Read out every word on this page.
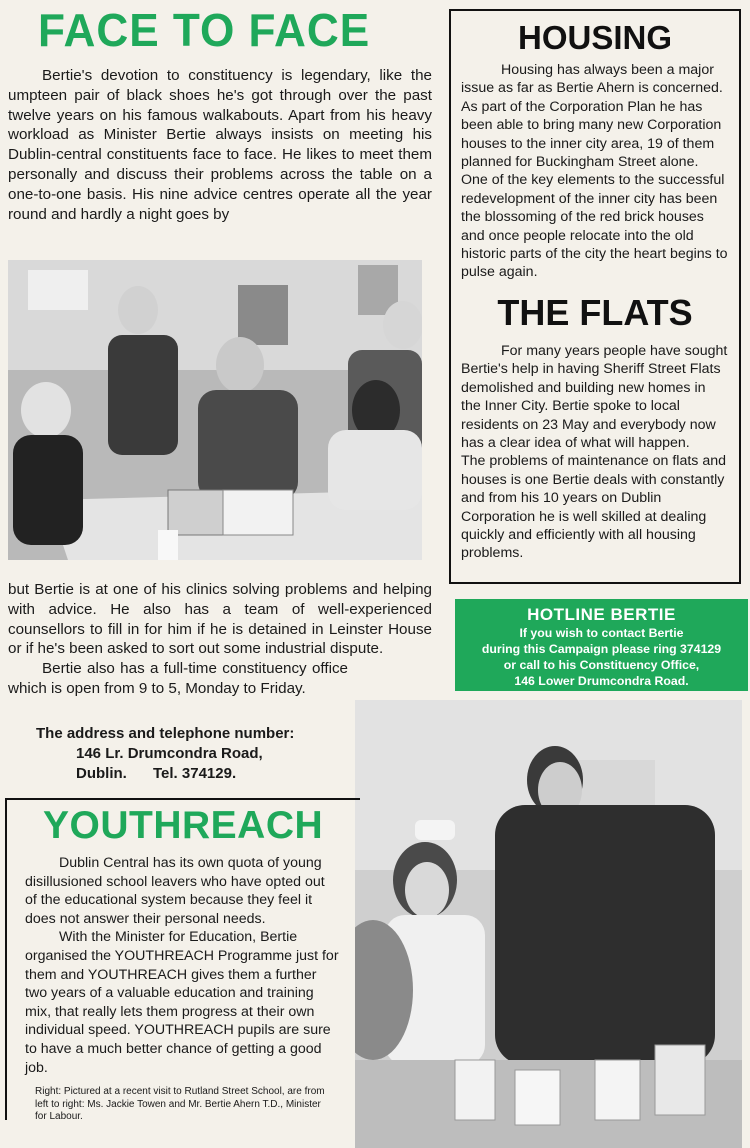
FACE TO FACE

Bertie's devotion to constituency is legendary, like the umpteen pair of black shoes he's got through over the past twelve years on his famous walkabouts. Apart from his heavy workload as Minister Bertie always insists on meeting his Dublin-central constituents face to face. He likes to meet them personally and discuss their problems across the table on a one-to-one basis. His nine advice centres operate all the year round and hardly a night goes by

but Bertie is at one of his clinics solving problems and helping with advice. He also has a team of well-experienced counsellors to fill in for him if he is detained in Leinster House or if he's been asked to sort out some industrial dispute.

Bertie also has a full-time constituency office which is open from 9 to 5, Monday to Friday.

The address and telephone number:
146 Lr. Drumcondra Road,
Dublin. Tel. 374129.
HOUSING

Housing has always been a major issue as far as Bertie Ahern is concerned. As part of the Corporation Plan he has been able to bring many new Corporation houses to the inner city area, 19 of them planned for Buckingham Street alone. One of the key elements to the successful redevelopment of the inner city has been the blossoming of the red brick houses and once people relocate into the old historic parts of the city the heart begins to pulse again.

THE FLATS

For many years people have sought Bertie's help in having Sheriff Street Flats demolished and building new homes in the Inner City. Bertie spoke to local residents on 23 May and everybody now has a clear idea of what will happen.

The problems of maintenance on flats and houses is one Bertie deals with constantly and from his 10 years on Dublin Corporation he is well skilled at dealing quickly and efficiently with all housing problems.

HOTLINE BERTIE
If you wish to contact Bertie
during this Campaign please ring 374129
or call to his Constituency Office,
146 Lower Drumcondra Road.
YOUTHREACH

Dublin Central has its own quota of young disillusioned school leavers who have opted out of the educational system because they feel it does not answer their personal needs.

With the Minister for Education, Bertie organised the YOUTHREACH Programme just for them and YOUTHREACH gives them a further two years of a valuable education and training mix, that really lets them progress at their own individual speed. YOUTHREACH pupils are sure to have a much better chance of getting a good job.

Right: Pictured at a recent visit to Rutland Street School, are from left to right: Ms. Jackie Towen and Mr. Bertie Ahern T.D., Minister for Labour.
